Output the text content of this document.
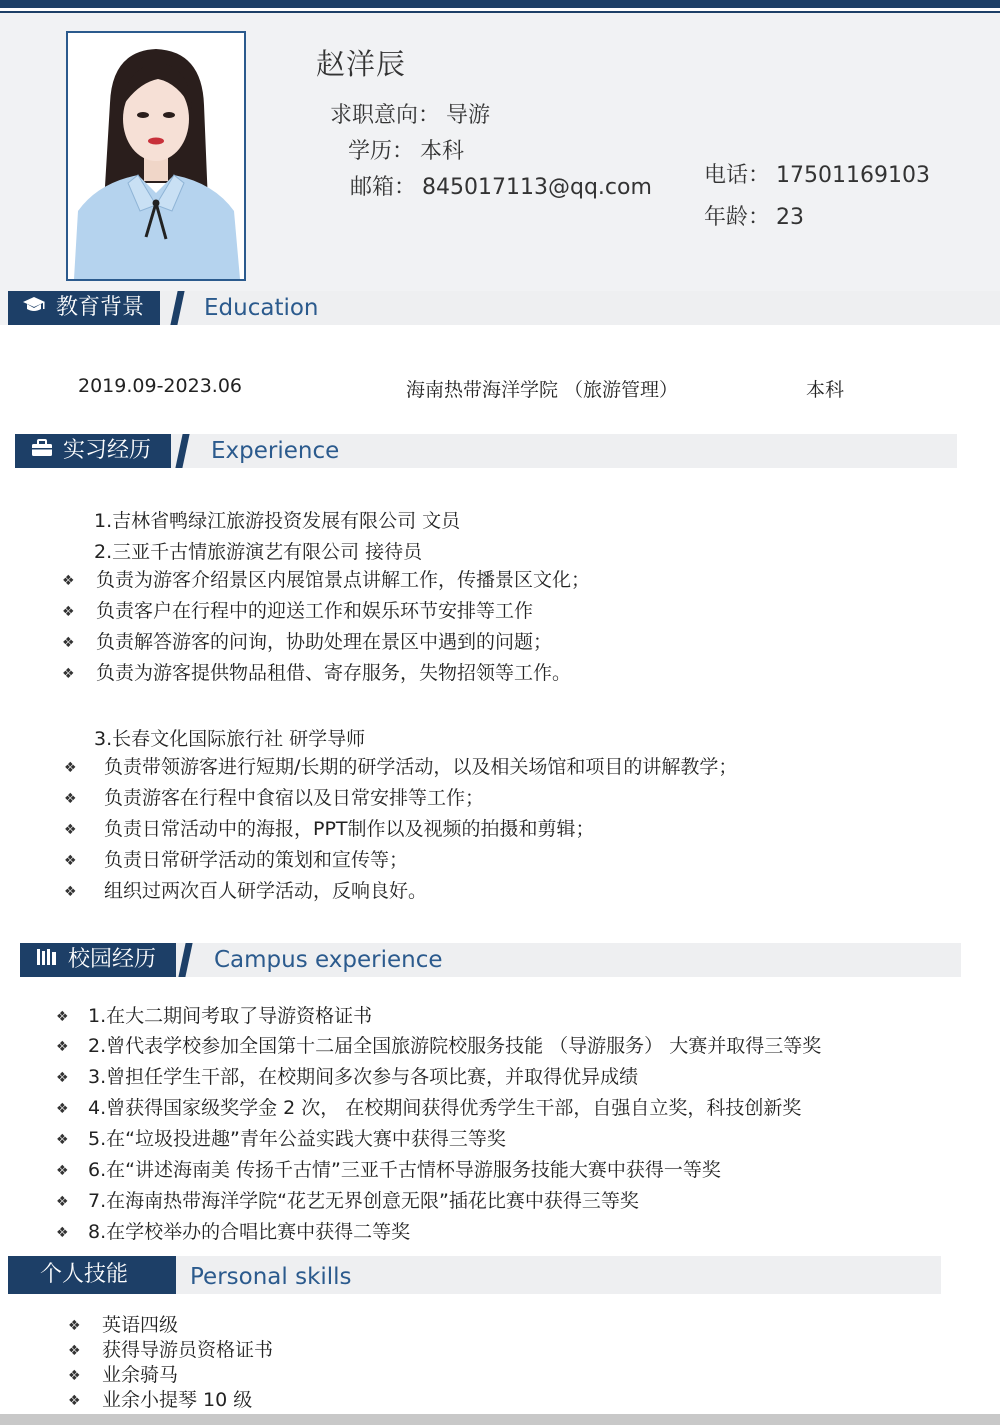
赵洋辰
求职意向： 导游
学历： 本科
邮箱： 845017113@qq.com 电话： 17501169103
年龄： 23
教育背景	Education
2019.09-2023.06	海南热带海洋学院 （旅游管理）	本科
实习经历	Experience
1.吉林省鸭绿江旅游投资发展有限公司 文员
2.三亚千古情旅游演艺有限公司 接待员
❖ 负责为游客介绍景区内展馆景点讲解工作，传播景区文化；
❖ 负责客户在行程中的迎送工作和娱乐环节安排等工作
❖ 负责解答游客的问询，协助处理在景区中遇到的问题；
❖ 负责为游客提供物品租借、寄存服务，失物招领等工作。
3.长春文化国际旅行社 研学导师
❖ 负责带领游客进行短期/长期的研学活动，以及相关场馆和项目的讲解教学；
❖ 负责游客在行程中食宿以及日常安排等工作；
❖ 负责日常活动中的海报，PPT制作以及视频的拍摄和剪辑；
❖ 负责日常研学活动的策划和宣传等；
❖ 组织过两次百人研学活动，反响良好。
校园经历	Campus experience
❖ 1.在大二期间考取了导游资格证书
❖ 2.曾代表学校参加全国第十二届全国旅游院校服务技能 （导游服务） 大赛并取得三等奖
❖ 3.曾担任学生干部，在校期间多次参与各项比赛，并取得优异成绩
❖ 4.曾获得国家级奖学金 2 次， 在校期间获得优秀学生干部，自强自立奖，科技创新奖
❖ 5.在“垃圾投进趣”青年公益实践大赛中获得三等奖
❖ 6.在“讲述海南美 传扬千古情”三亚千古情杯导游服务技能大赛中获得一等奖
❖ 7.在海南热带海洋学院“花艺无界创意无限”插花比赛中获得三等奖
❖ 8.在学校举办的合唱比赛中获得二等奖
个人技能	Personal skills
❖ 英语四级
❖ 获得导游员资格证书
❖ 业余骑马
❖ 业余小提琴 10 级
